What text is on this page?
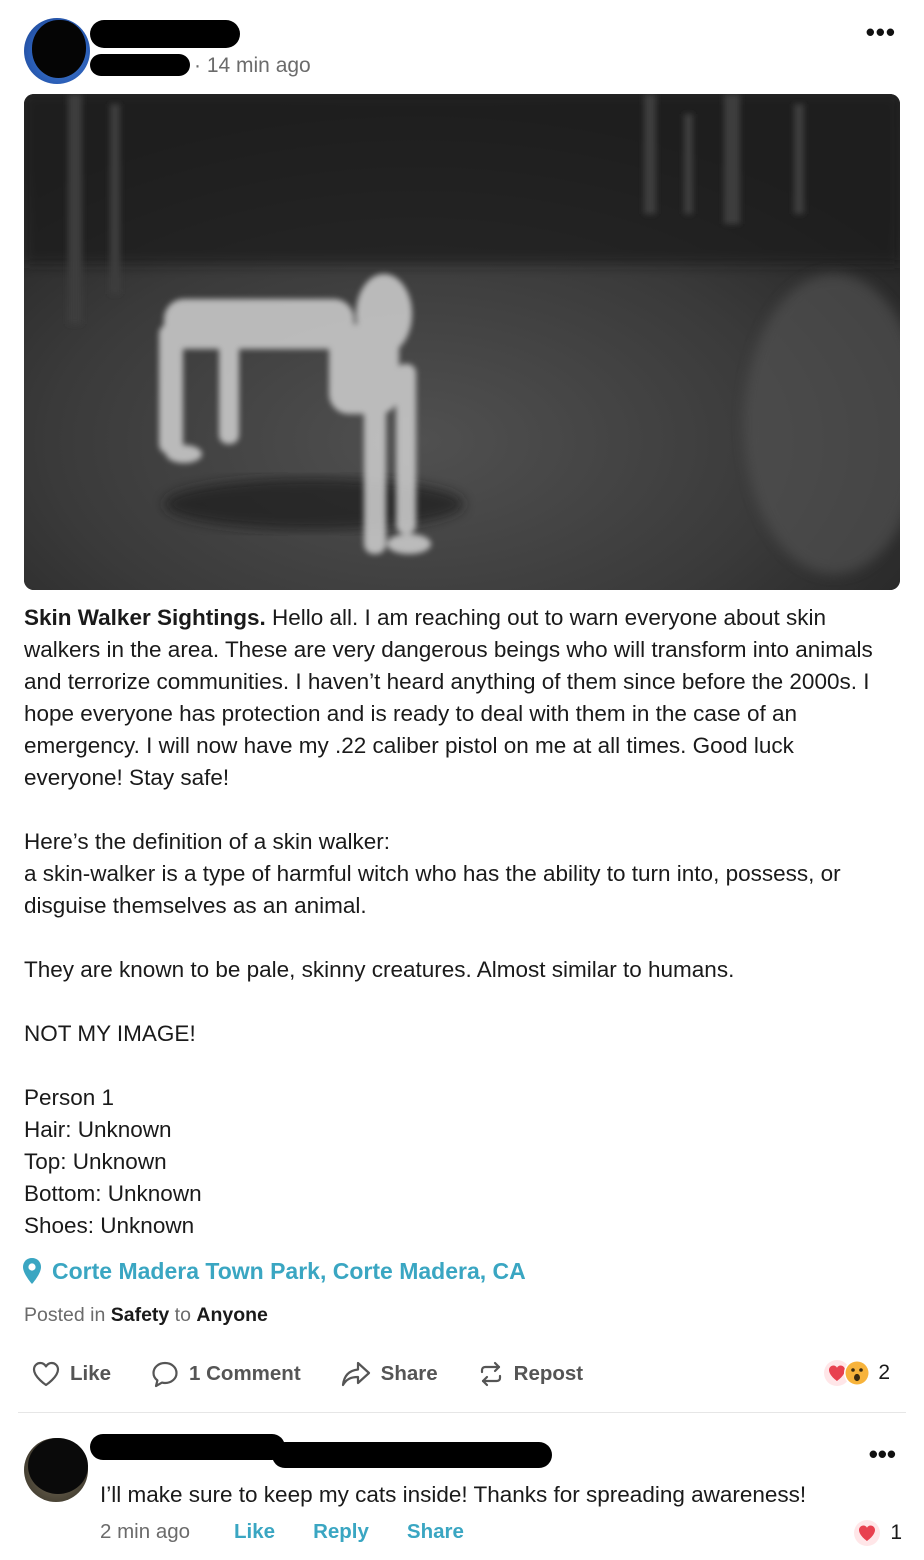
· 14 min ago
•••
Skin Walker Sightings. Hello all. I am reaching out to warn everyone about skin walkers in the area. These are very dangerous beings who will transform into animals and terrorize communities. I haven’t heard anything of them since before the 2000s. I hope everyone has protection and is ready to deal with them in the case of an emergency. I will now have my .22 caliber pistol on me at all times. Good luck everyone! Stay safe!
Here’s the definition of a skin walker:
a skin-walker is a type of harmful witch who has the ability to turn into, possess, or disguise themselves as an animal.
They are known to be pale, skinny creatures. Almost similar to humans.
NOT MY IMAGE!
Person 1
Hair: Unknown
Top: Unknown
Bottom: Unknown
Shoes: Unknown
Corte Madera Town Park, Corte Madera, CA
Posted in Safety to Anyone
Like	1 Comment	Share	Repost	2
•••
I’ll make sure to keep my cats inside! Thanks for spreading awareness!
2 min ago Like Reply Share	1
